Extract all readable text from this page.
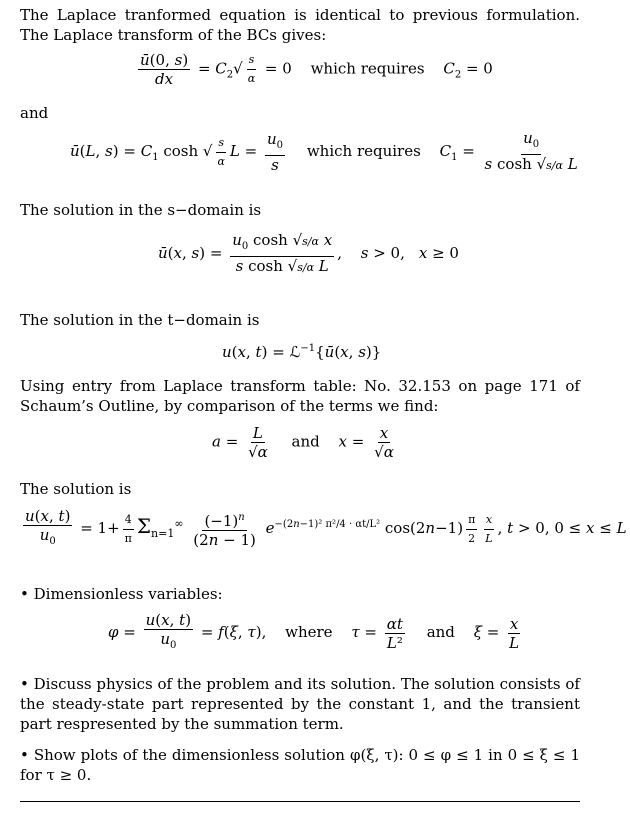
The Laplace tranformed equation is identical to previous formulation. The Laplace transform of the BCs gives:
$\frac{ū(0, s)}{dx} = C_2√ \frac{s}{\alpha} = 0$ which requires $C_2 = 0$
and
ū(L, $s) = C_1$ cosh √ $\frac{s}{\alpha}$ $L = \frac{u_0}{s}$ which requires $C_1 = \frac{u_0}{\text{s cosh √s/α L}}$
The solution in the s−domain is
ū(x, $s) = \frac{u_0 \cosh √s/\alpha x}{\text{s cosh √s/α L}}$ , s > 0, x ≥ 0
The solution in the t−domain is
u(x, t) = ℒ$^{-1}${ū(x, s)}
Using entry from Laplace transform table: No. 32.153 on page 171 of Schaum’s Outline, by comparison of the terms we find:
$a = \frac{L}{√\alpha}$ and $x = \frac{x}{√\alpha}$
The solution is
$\frac{u(x, t)}{u_0} = 1+ \frac{4}{\pi} \Sigma_{n=1}^\infty \frac{(-1)^n}{(2n - 1)} e^{-(2n-1)^2 \pi^2/4 \cdot \alpha t/L^2}$ $\cos(2n-1) \frac{\pi}{2} \frac{x}{L}$ , t > 0, 0 ≤ x ≤ L
• Dimensionless variables:
$\varphi = \frac{u(x, t)}{u_0} = f(\xi$, τ), where $\tau = \frac{\alpha t}{\text{L²}}$ and $\xi = \frac{x}{L}$
• Discuss physics of the problem and its solution. The solution consists of the steady-state part represented by the constant 1, and the transient part respresented by the summation term.
• Show plots of the dimensionless solution φ(ξ, τ): 0 ≤ φ ≤ 1 in 0 ≤ ξ ≤ 1 for τ ≥ 0.
